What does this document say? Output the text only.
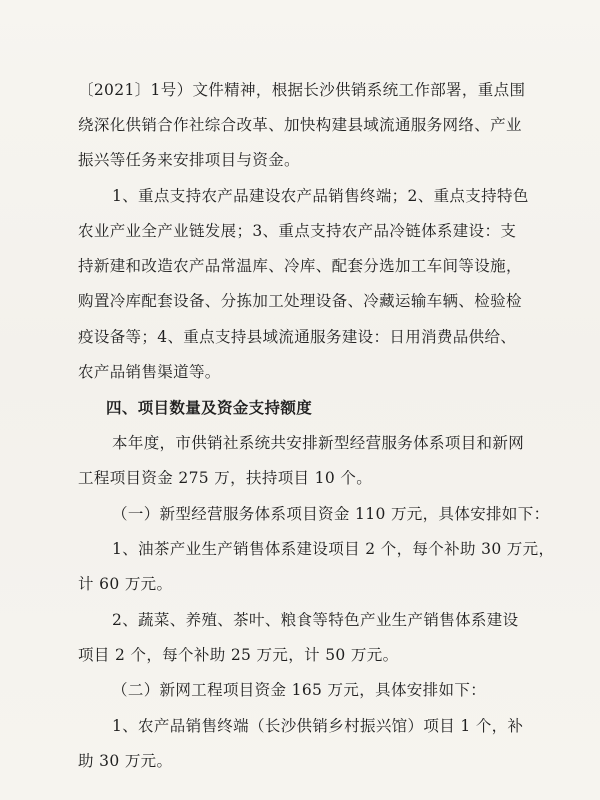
〔2021〕1号）文件精神，根据长沙供销系统工作部署，重点围
绕深化供销合作社综合改革、加快构建县域流通服务网络、产业
振兴等任务来安排项目与资金。
1、重点支持农产品建设农产品销售终端；2、重点支持特色
农业产业全产业链发展；3、重点支持农产品冷链体系建设：支
持新建和改造农产品常温库、冷库、配套分选加工车间等设施，
购置冷库配套设备、分拣加工处理设备、冷藏运输车辆、检验检
疫设备等；4、重点支持县域流通服务建设：日用消费品供给、
农产品销售渠道等。
四、项目数量及资金支持额度
本年度，市供销社系统共安排新型经营服务体系项目和新网
工程项目资金 275 万，扶持项目 10 个。
（一）新型经营服务体系项目资金 110 万元，具体安排如下：
1、油茶产业生产销售体系建设项目 2 个，每个补助 30 万元，
计 60 万元。
2、蔬菜、养殖、茶叶、粮食等特色产业生产销售体系建设
项目 2 个，每个补助 25 万元，计 50 万元。
（二）新网工程项目资金 165 万元，具体安排如下：
1、农产品销售终端（长沙供销乡村振兴馆）项目 1 个，补
助 30 万元。
